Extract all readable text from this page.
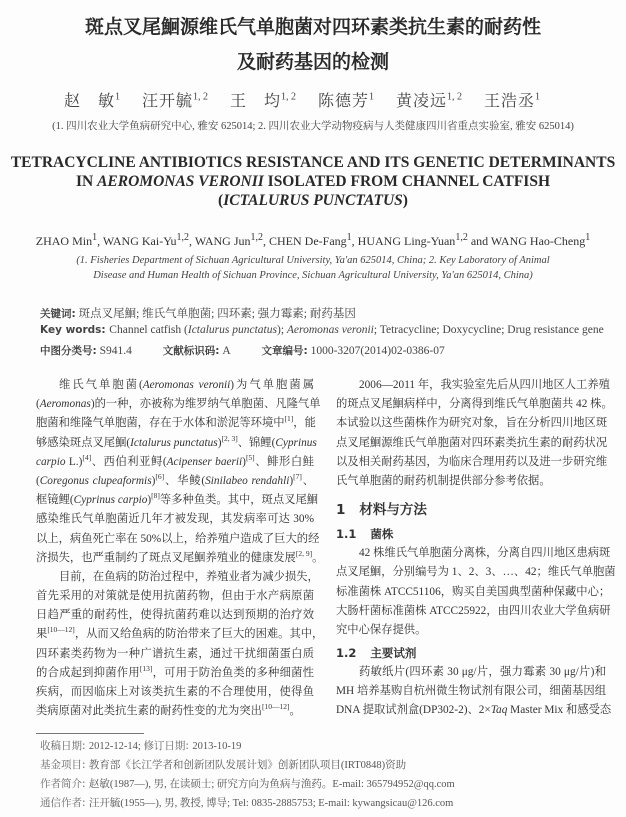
斑点叉尾鮰源维氏气单胞菌对四环素类抗生素的耐药性
及耐药基因的检测
赵　敏$^1$ 汪开毓$^{1, 2}$ 王　均$^{1, 2}$ 陈德芳$^1$ 黄凌远$^{1, 2}$ 王浩丞$^1$
(1. 四川农业大学鱼病研究中心, 雅安 625014; 2. 四川农业大学动物疫病与人类健康四川省重点实验室, 雅安 625014)
TETRACYCLINE ANTIBIOTICS RESISTANCE AND ITS GENETIC DETERMINANTS
IN AEROMONAS VERONII ISOLATED FROM CHANNEL CATFISH
(ICTALURUS PUNCTATUS)
ZHAO Min$^1$, WANG Kai-Yu$^{1,2}$, WANG Jun$^{1,2}$, CHEN De-Fang$^1$, HUANG Ling-Yuan$^{1,2}$ and WANG Hao-Cheng$^1$
(1. Fisheries Department of Sichuan Agricultural University, Ya'an 625014, China; 2. Key Laboratory of Animal
Disease and Human Health of Sichuan Province, Sichuan Agricultural University, Ya'an 625014, China)
关键词: 斑点叉尾鮰; 维氏气单胞菌; 四环素; 强力霉素; 耐药基因
Key words: Channel catfish (Ictalurus punctatus); Aeromonas veronii; Tetracycline; Doxycycline; Drug resistance gene
中图分类号: S941.4	文献标识码: A	文章编号: 1000-3207(2014)02-0386-07
维氏气单胞菌(Aeromonas veronii)为气单胞菌属
(Aeromonas)的一种，亦被称为维罗纳气单胞菌、凡隆气单
胞菌和维隆气单胞菌，存在于水体和淤泥等环境中[1]，能
够感染斑点叉尾鮰(Ictalurus punctatus)[2, 3]、锦鲤(Cyprinus
carpio L.)[4]、西伯利亚鲟(Acipenser baerii)[5]、鲱形白鲑
(Coregonus clupeaformis)[6]、华鲮(Sinilabeo rendahli)[7]、
框镜鲤(Cyprinus carpio)[8]等多种鱼类。其中，斑点叉尾鮰
感染维氏气单胞菌近几年才被发现，其发病率可达 30%
以上，病鱼死亡率在 50%以上，给养殖户造成了巨大的经
济损失，也严重制约了斑点叉尾鮰养殖业的健康发展[2, 9]。
目前，在鱼病的防治过程中，养殖业者为减少损失，
首先采用的对策就是使用抗菌药物，但由于水产病原菌
日趋严重的耐药性，使得抗菌药难以达到预期的治疗效
果[10—12]，从而又给鱼病的防治带来了巨大的困难。其中，
四环素类药物为一种广谱抗生素，通过干扰细菌蛋白质
的合成起到抑菌作用[13]，可用于防治鱼类的多种细菌性
疾病，而因临床上对该类抗生素的不合理使用，使得鱼
类病原菌对此类抗生素的耐药性变的尤为突出[10—12]。
2006—2011 年，我实验室先后从四川地区人工养殖
的斑点叉尾鮰病样中，分离得到维氏气单胞菌共 42 株。
本试验以这些菌株作为研究对象，旨在分析四川地区斑
点叉尾鮰源维氏气单胞菌对四环素类抗生素的耐药状况
以及相关耐药基因，为临床合理用药以及进一步研究维
氏气单胞菌的耐药机制提供部分参考依据。
1 材料与方法
1.1 菌株
42 株维氏气单胞菌分离株，分离自四川地区患病斑
点叉尾鮰，分别编号为 1、2、3、…、42；维氏气单胞菌
标准菌株 ATCC51106，购买自美国典型菌种保藏中心；
大肠杆菌标准菌株 ATCC25922，由四川农业大学鱼病研
究中心保存提供。
1.2 主要试剂
药敏纸片(四环素 30 μg/片，强力霉素 30 μg/片)和
MH 培养基购自杭州微生物试剂有限公司，细菌基因组
DNA 提取试剂盒(DP302-2)、2×Taq Master Mix 和感受态
收稿日期: 2012-12-14; 修订日期: 2013-10-19
基金项目: 教育部《长江学者和创新团队发展计划》创新团队项目(IRT0848)资助
作者简介: 赵敏(1987—), 男, 在读硕士; 研究方向为鱼病与渔药。E-mail: 365794952@qq.com
通信作者: 汪开毓(1955—), 男, 教授, 博导; Tel: 0835-2885753; E-mail: kywangsicau@126.com
